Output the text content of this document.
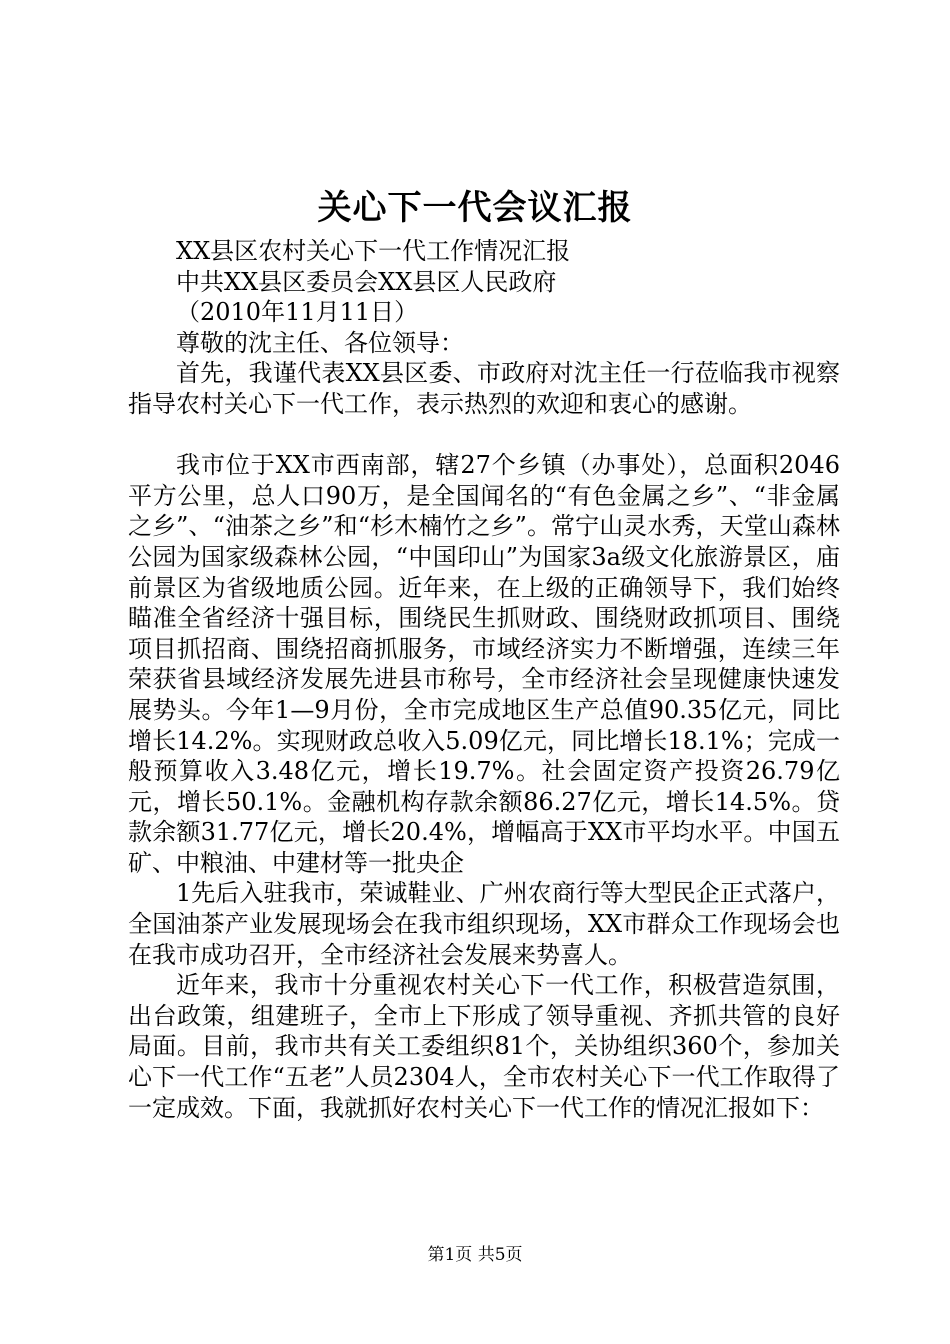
关心下一代会议汇报

XX县区农村关心下一代工作情况汇报

中共XX县区委员会XX县区人民政府

（2010年11月11日）

尊敬的沈主任、各位领导：

首先，我谨代表XX县区委、市政府对沈主任一行莅临我市视察指导农村关心下一代工作，表示热烈的欢迎和衷心的感谢。

我市位于XX市西南部，辖27个乡镇（办事处），总面积2046平方公里，总人口90万，是全国闻名的“有色金属之乡”、“非金属之乡”、“油茶之乡”和“杉木楠竹之乡”。常宁山灵水秀，天堂山森林公园为国家级森林公园，“中国印山”为国家3a级文化旅游景区，庙前景区为省级地质公园。近年来，在上级的正确领导下，我们始终瞄准全省经济十强目标，围绕民生抓财政、围绕财政抓项目、围绕项目抓招商、围绕招商抓服务，市域经济实力不断增强，连续三年荣获省县域经济发展先进县市称号，全市经济社会呈现健康快速发展势头。今年1—9月份，全市完成地区生产总值90.35亿元，同比增长14.2%。实现财政总收入5.09亿元，同比增长18.1%；完成一般预算收入3.48亿元，增长19.7%。社会固定资产投资26.79亿元，增长50.1%。金融机构存款余额86.27亿元，增长14.5%。贷款余额31.77亿元，增长20.4%，增幅高于XX市平均水平。中国五矿、中粮油、中建材等一批央企

1先后入驻我市，荣诚鞋业、广州农商行等大型民企正式落户，全国油茶产业发展现场会在我市组织现场，XX市群众工作现场会也在我市成功召开，全市经济社会发展来势喜人。

近年来，我市十分重视农村关心下一代工作，积极营造氛围，出台政策，组建班子，全市上下形成了领导重视、齐抓共管的良好局面。目前，我市共有关工委组织81个，关协组织360个，参加关心下一代工作“五老”人员2304人，全市农村关心下一代工作取得了一定成效。下面，我就抓好农村关心下一代工作的情况汇报如下：

第1页 共5页
